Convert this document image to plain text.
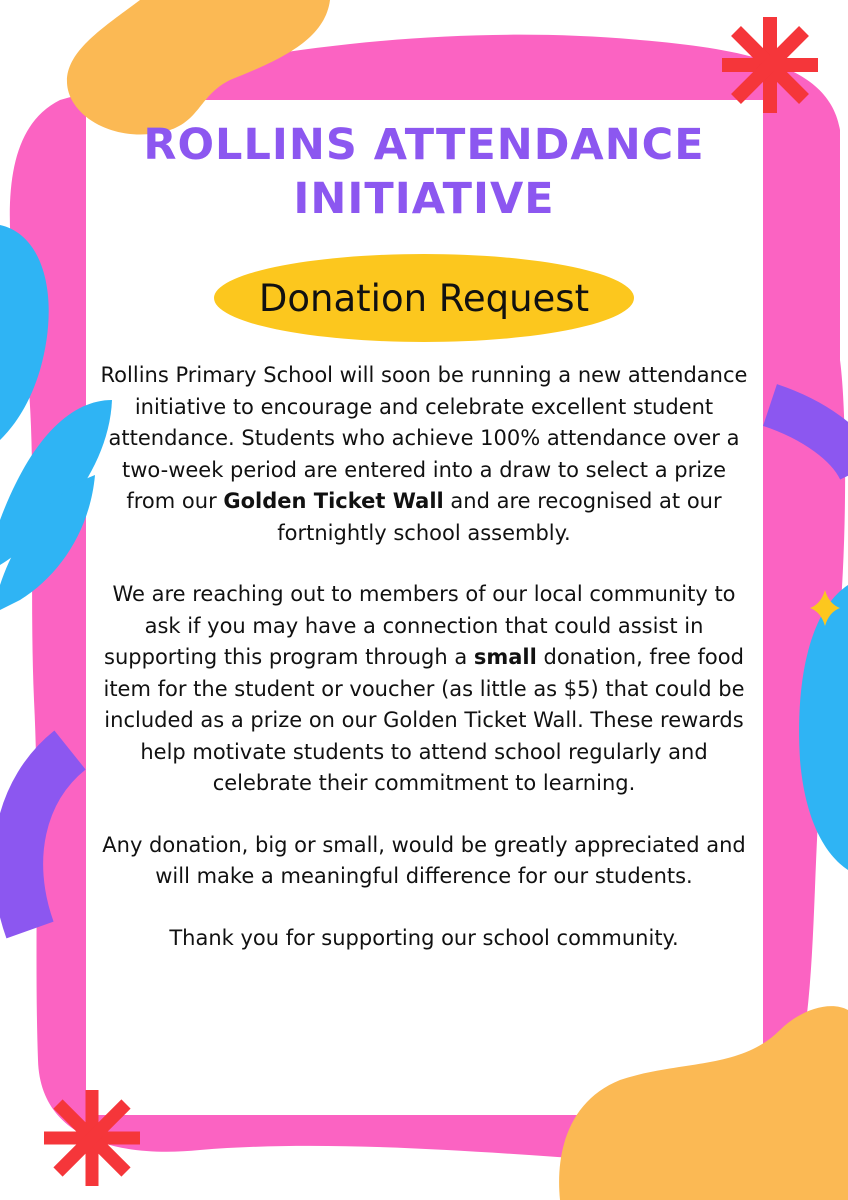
ROLLINS ATTENDANCE
INITIATIVE
Donation Request

Rollins Primary School will soon be running a new attendance initiative to encourage and celebrate excellent student attendance. Students who achieve 100% attendance over a two-week period are entered into a draw to select a prize from our Golden Ticket Wall and are recognised at our fortnightly school assembly.

We are reaching out to members of our local community to ask if you may have a connection that could assist in supporting this program through a small donation, free food item for the student or voucher (as little as $5) that could be included as a prize on our Golden Ticket Wall. These rewards help motivate students to attend school regularly and celebrate their commitment to learning.

Any donation, big or small, would be greatly appreciated and will make a meaningful difference for our students.

Thank you for supporting our school community.
